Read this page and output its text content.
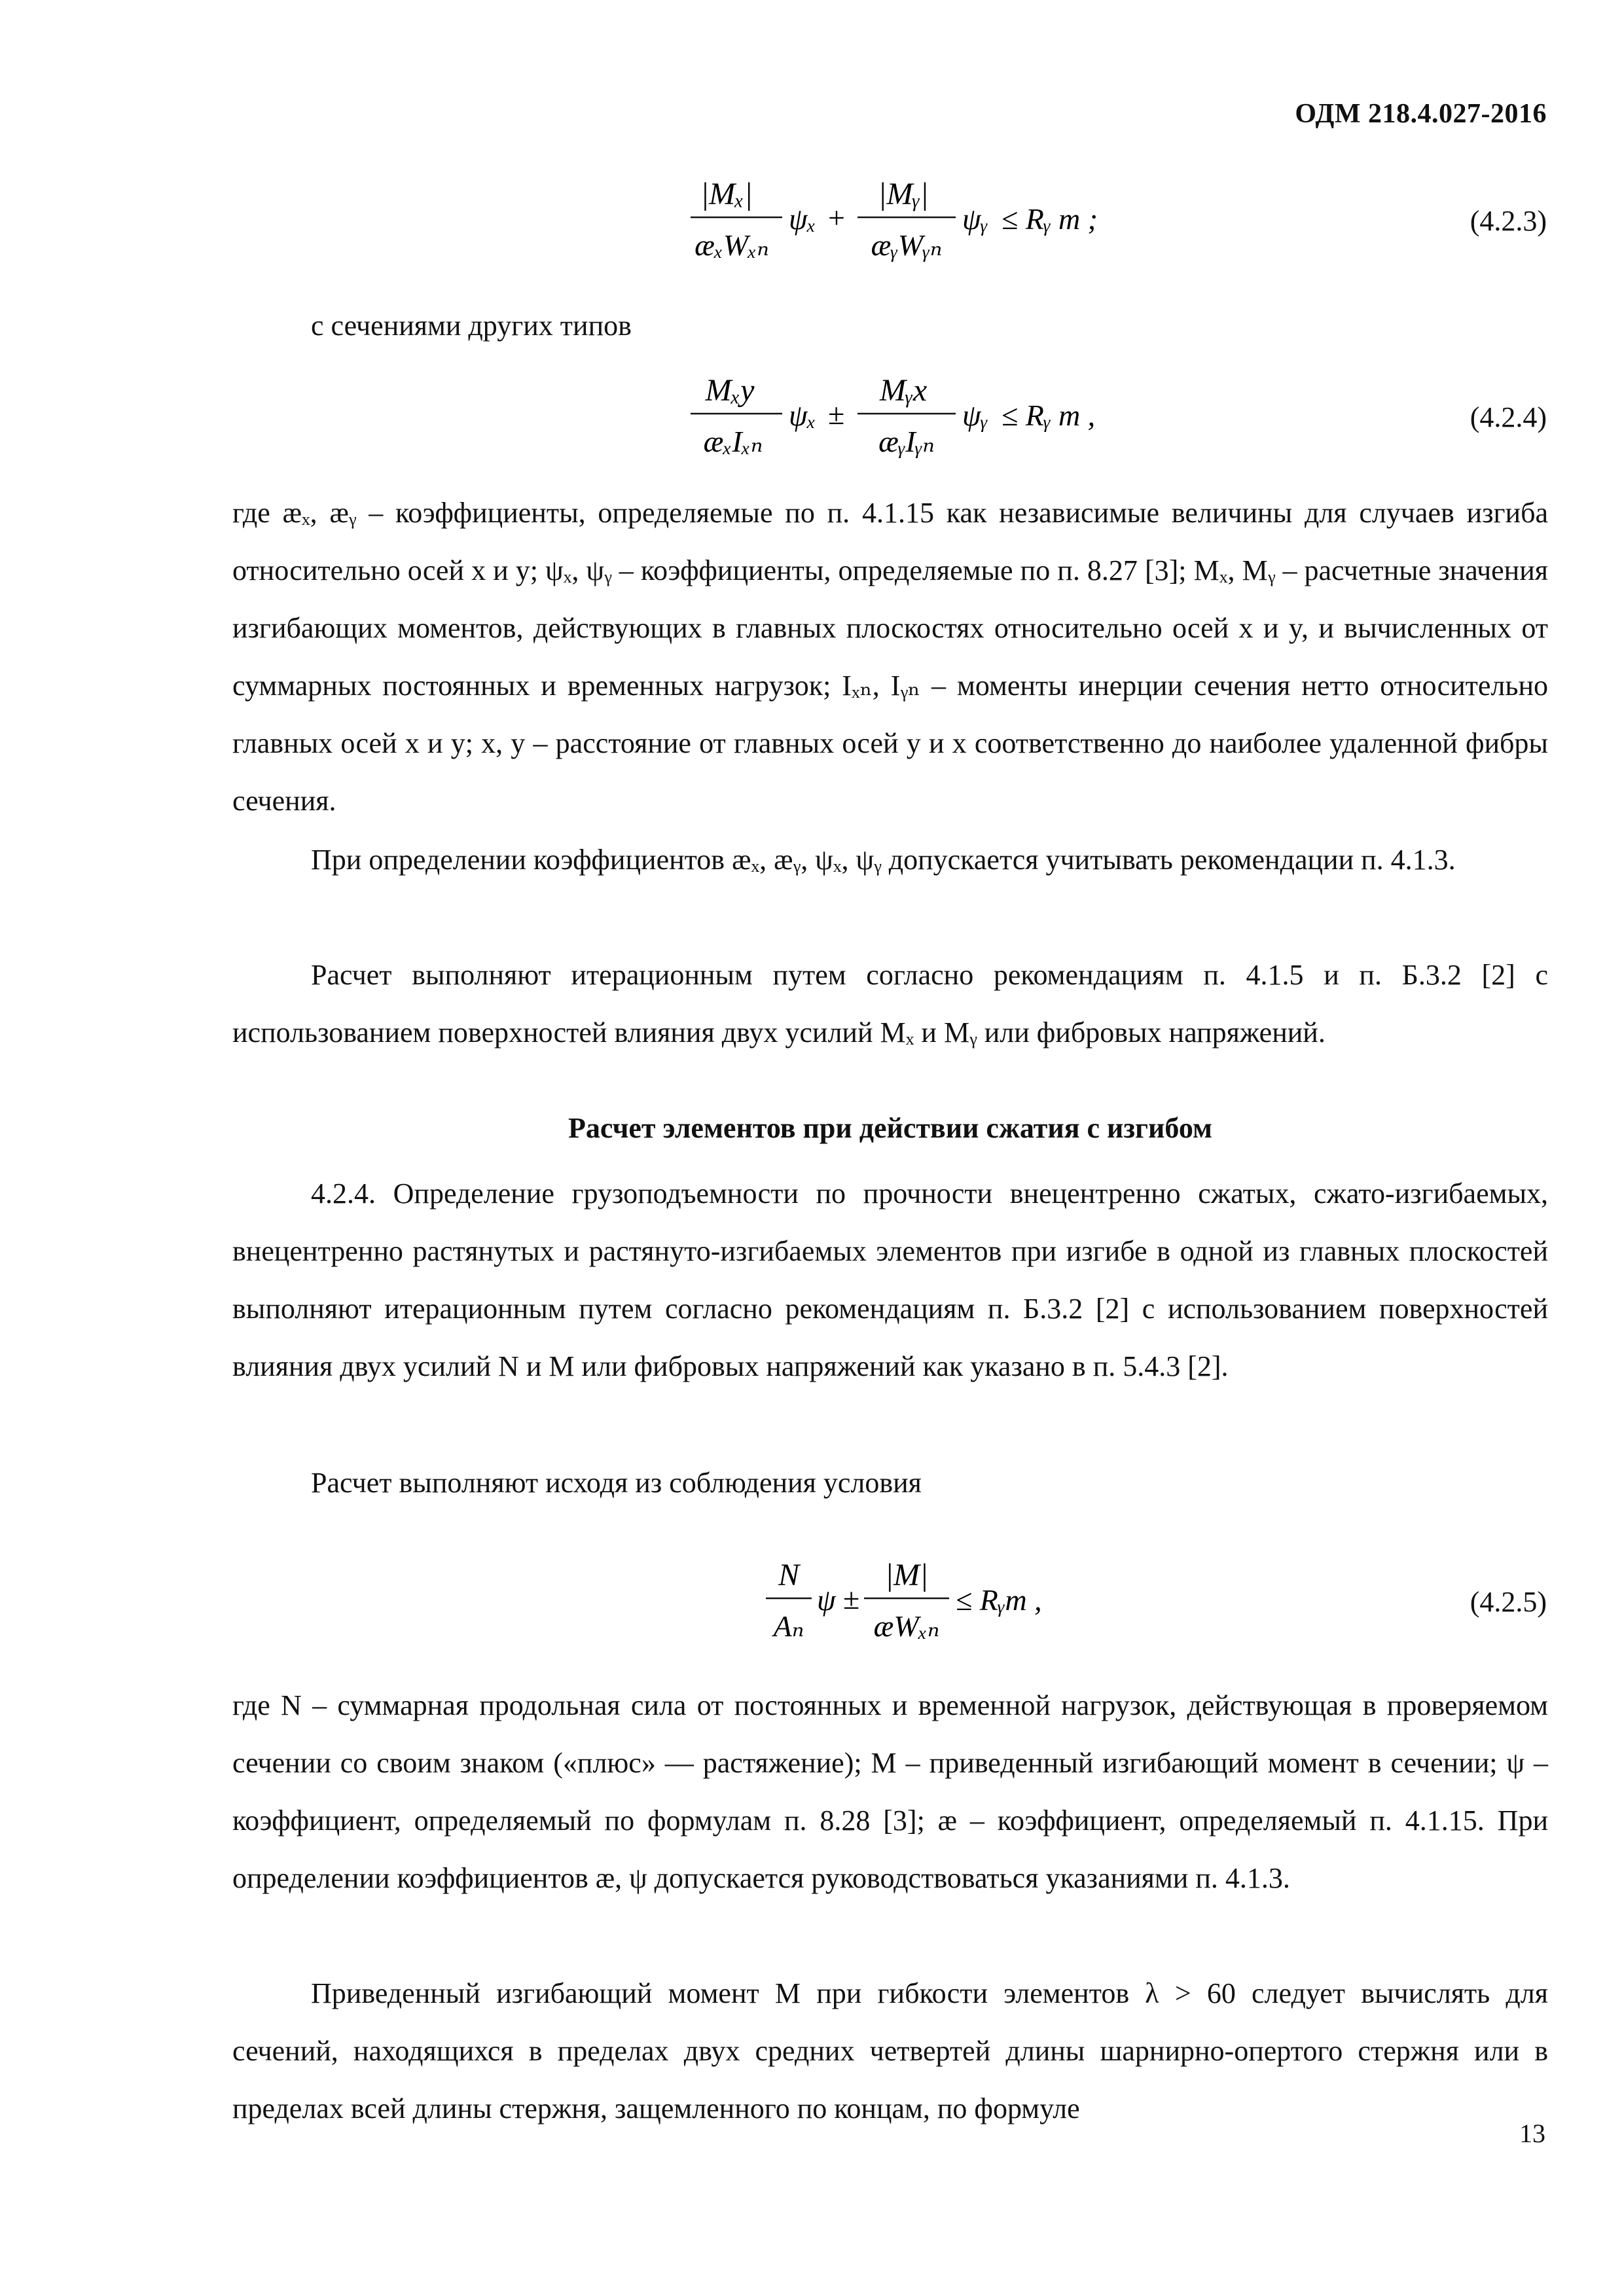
ОДМ 218.4.027-2016
|Mₓ|
æₓWₓₙ
ψₓ +
|Mᵧ|
æᵧWᵧₙ
ψᵧ ≤ Rᵧ m ;	(4.2.3)
с сечениями других типов
Mₓy
æₓIₓₙ
ψₓ ±
Mᵧx
æᵧIᵧₙ
ψᵧ ≤ Rᵧ m ,	(4.2.4)
где æₓ, æᵧ – коэффициенты, определяемые по п. 4.1.15 как независимые величины для случаев изгиба относительно осей x и y; ψₓ, ψᵧ – коэффициенты, определяемые по п. 8.27 [3]; Mₓ, Mᵧ – расчетные значения изгибающих моментов, действующих в главных плоскостях относительно осей x и y, и вычисленных от суммарных постоянных и временных нагрузок; Iₓₙ, Iᵧₙ – моменты инерции сечения нетто относительно главных осей x и y; x, y – расстояние от главных осей y и x соответственно до наиболее удаленной фибры сечения.
При определении коэффициентов æₓ, æᵧ, ψₓ, ψᵧ допускается учитывать рекомендации п. 4.1.3.
Расчет выполняют итерационным путем согласно рекомендациям п. 4.1.5 и п. Б.3.2 [2] с использованием поверхностей влияния двух усилий Mₓ и Mᵧ или фибровых напряжений.
Расчет элементов при действии сжатия с изгибом
4.2.4. Определение грузоподъемности по прочности внецентренно сжатых, сжато-изгибаемых, внецентренно растянутых и растянуто-изгибаемых элементов при изгибе в одной из главных плоскостей выполняют итерационным путем согласно рекомендациям п. Б.3.2 [2] с использованием поверхностей влияния двух усилий N и M или фибровых напряжений как указано в п. 5.4.3 [2].
Расчет выполняют исходя из соблюдения условия
N
Aₙ
ψ ±
|M|
æWₓₙ
≤ Rᵧm ,	(4.2.5)
где N – суммарная продольная сила от постоянных и временной нагрузок, действующая в проверяемом сечении со своим знаком («плюс» — растяжение); M – приведенный изгибающий момент в сечении; ψ – коэффициент, определяемый по формулам п. 8.28 [3]; æ – коэффициент, определяемый п. 4.1.15. При определении коэффициентов æ, ψ допускается руководствоваться указаниями п. 4.1.3.
Приведенный изгибающий момент M при гибкости элементов λ > 60 следует вычислять для сечений, находящихся в пределах двух средних четвертей длины шарнирно-опертого стержня или в пределах всей длины стержня, защемленного по концам, по формуле
13
